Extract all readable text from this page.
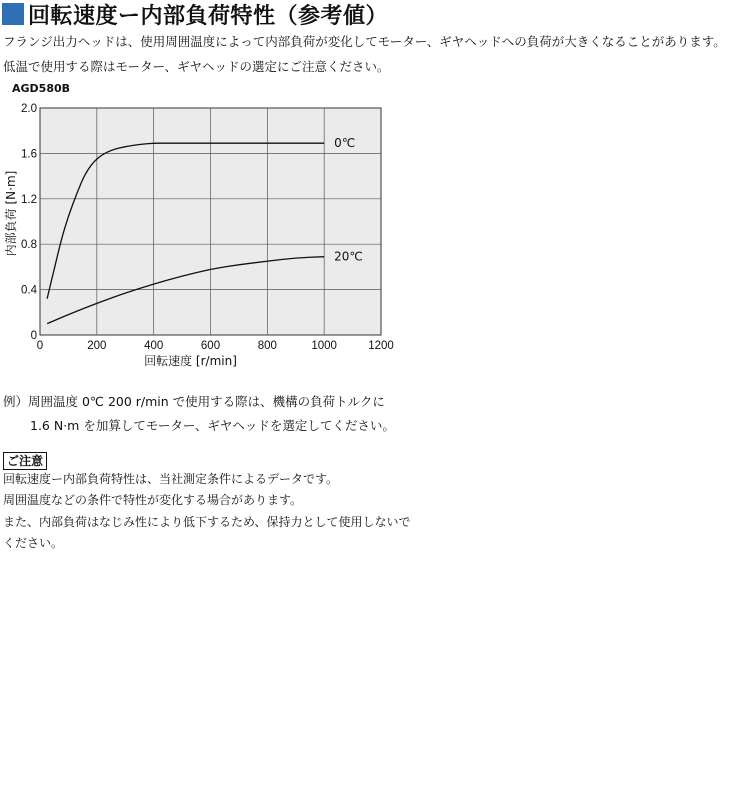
回転速度ー内部負荷特性（参考値）
フランジ出力ヘッドは、使用周囲温度によって内部負荷が変化してモーター、ギヤヘッドへの負荷が大きくなることがあります。
低温で使用する際はモーター、ギヤヘッドの選定にご注意ください。
AGD580B
0	200	400	600	800	1000	1200
0
0.4
0.8
1.2
1.6
2.0
回転速度 [r/min]
内部負荷 [N·m]
0℃
20℃
例）周囲温度 0℃ 200 r/min で使用する際は、機構の負荷トルクに
1.6 N·m を加算してモーター、ギヤヘッドを選定してください。
ご注意
回転速度ー内部負荷特性は、当社測定条件によるデータです。
周囲温度などの条件で特性が変化する場合があります。
また、内部負荷はなじみ性により低下するため、保持力として使用しないで
ください。
